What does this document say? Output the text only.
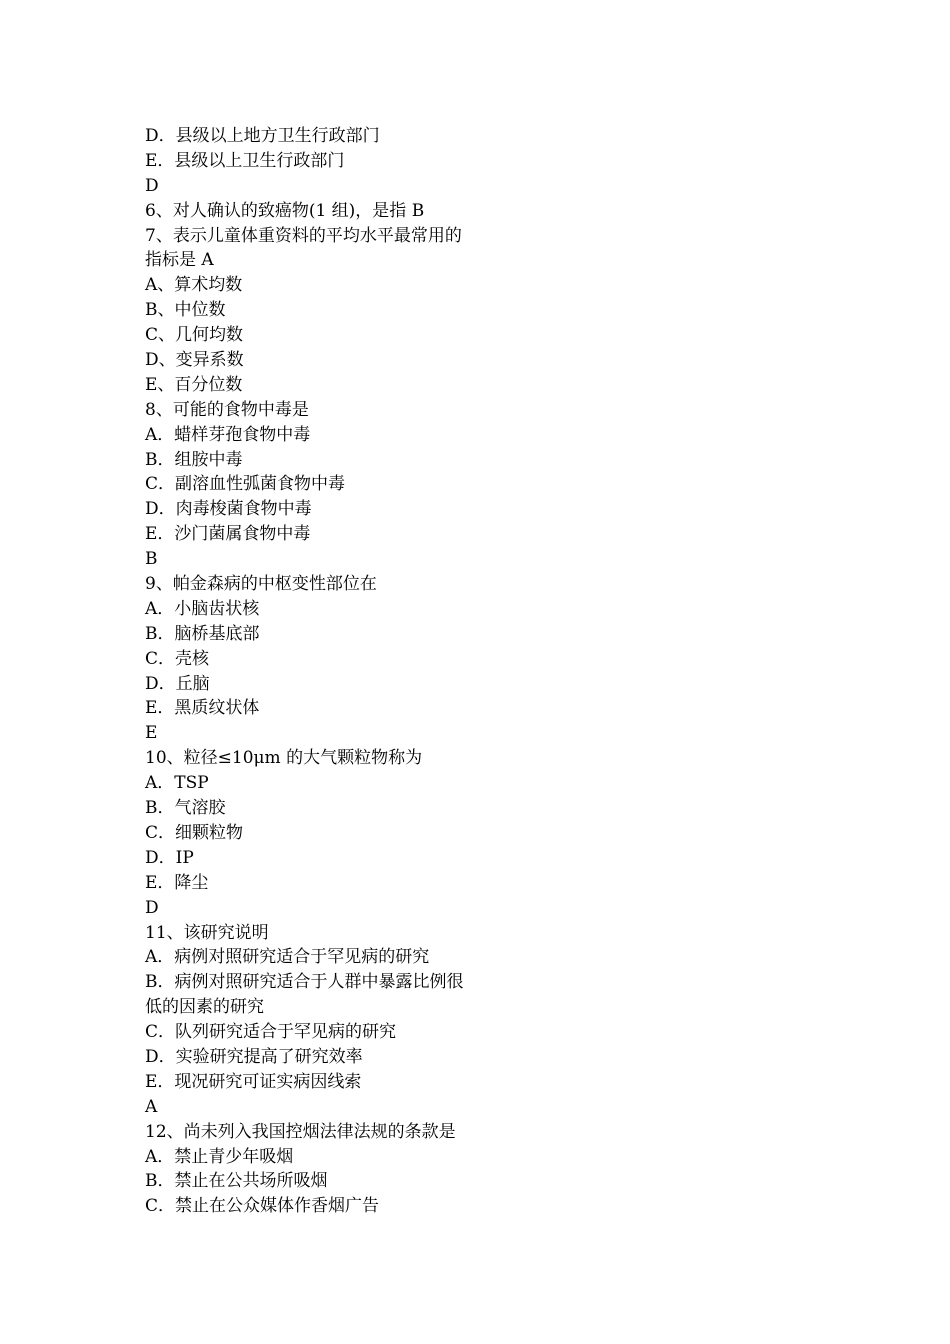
D．县级以上地方卫生行政部门
E．县级以上卫生行政部门
D
6、对人确认的致癌物(1 组)，是指 B
7、表示儿童体重资料的平均水平最常用的
指标是 A
A、算术均数
B、中位数
C、几何均数
D、变异系数
E、百分位数
8、可能的食物中毒是
A．蜡样芽孢食物中毒
B．组胺中毒
C．副溶血性弧菌食物中毒
D．肉毒梭菌食物中毒
E．沙门菌属食物中毒
B
9、帕金森病的中枢变性部位在
A．小脑齿状核
B．脑桥基底部
C．壳核
D．丘脑
E．黑质纹状体
E
10、粒径≤10μm 的大气颗粒物称为
A．TSP
B．气溶胶
C．细颗粒物
D．IP
E．降尘
D
11、该研究说明
A．病例对照研究适合于罕见病的研究
B．病例对照研究适合于人群中暴露比例很
低的因素的研究
C．队列研究适合于罕见病的研究
D．实验研究提高了研究效率
E．现况研究可证实病因线索
A
12、尚未列入我国控烟法律法规的条款是
A．禁止青少年吸烟
B．禁止在公共场所吸烟
C．禁止在公众媒体作香烟广告
